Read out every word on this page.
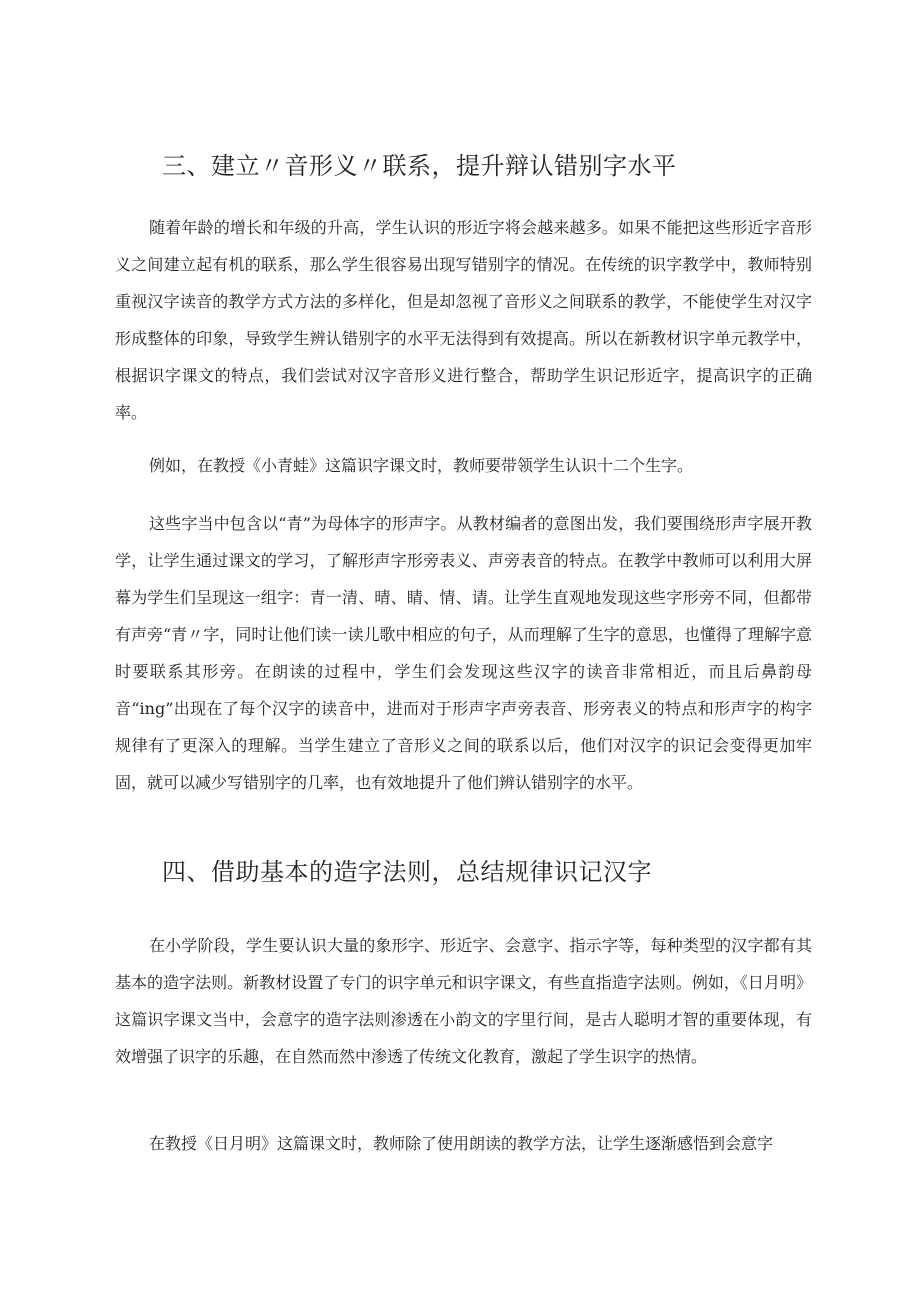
三、建立〃音形义〃联系，提升辩认错别字水平

随着年龄的增长和年级的升高，学生认识的形近字将会越来越多。如果不能把这些形近字音形义之间建立起有机的联系，那么学生很容易出现写错别字的情况。在传统的识字教学中，教师特别重视汉字读音的教学方式方法的多样化，但是却忽视了音形义之间联系的教学，不能使学生对汉字形成整体的印象，导致学生辨认错别字的水平无法得到有效提高。所以在新教材识字单元教学中，根据识字课文的特点，我们尝试对汉字音形义进行整合，帮助学生识记形近字，提高识字的正确率。

例如，在教授《小青蛙》这篇识字课文时，教师要带领学生认识十二个生字。

这些字当中包含以“青”为母体字的形声字。从教材编者的意图出发，我们要围绕形声字展开教学，让学生通过课文的学习，了解形声字形旁表义、声旁表音的特点。在教学中教师可以利用大屏幕为学生们呈现这一组字：青一清、晴、睛、情、请。让学生直观地发现这些字形旁不同，但都带有声旁“青〃字，同时让他们读一读儿歌中相应的句子，从而理解了生字的意思，也懂得了理解字意时要联系其形旁。在朗读的过程中，学生们会发现这些汉字的读音非常相近，而且后鼻韵母音“ing”出现在了每个汉字的读音中，进而对于形声字声旁表音、形旁表义的特点和形声字的构字规律有了更深入的理解。当学生建立了音形义之间的联系以后，他们对汉字的识记会变得更加牢固，就可以减少写错别字的几率，也有效地提升了他们辨认错别字的水平。

四、借助基本的造字法则，总结规律识记汉字

在小学阶段，学生要认识大量的象形字、形近字、会意字、指示字等，每种类型的汉字都有其基本的造字法则。新教材设置了专门的识字单元和识字课文，有些直指造字法则。例如，《日月明》这篇识字课文当中，会意字的造字法则渗透在小韵文的字里行间，是古人聪明才智的重要体现，有效增强了识字的乐趣，在自然而然中渗透了传统文化教育，激起了学生识字的热情。

在教授《日月明》这篇课文时，教师除了使用朗读的教学方法，让学生逐渐感悟到会意字
